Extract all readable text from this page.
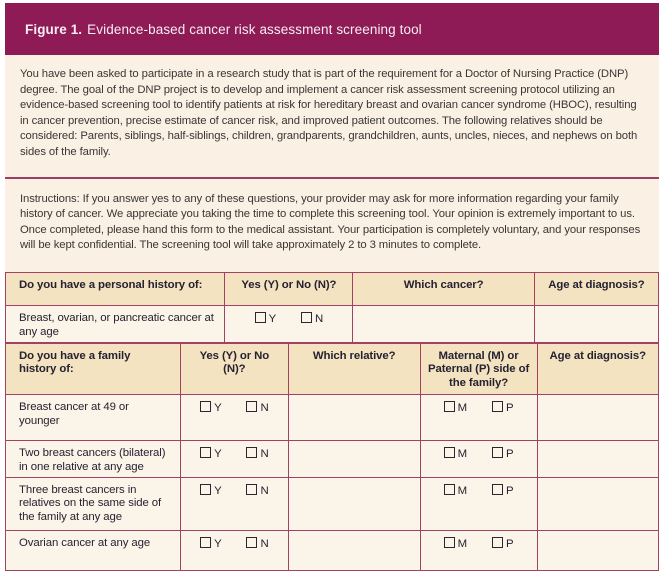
Figure 1. Evidence-based cancer risk assessment screening tool

You have been asked to participate in a research study that is part of the requirement for a Doctor of Nursing Practice (DNP) degree. The goal of the DNP project is to develop and implement a cancer risk assessment screening protocol utilizing an evidence-based screening tool to identify patients at risk for hereditary breast and ovarian cancer syndrome (HBOC), resulting in cancer prevention, precise estimate of cancer risk, and improved patient outcomes. The following relatives should be considered: Parents, siblings, half-siblings, children, grandparents, grandchildren, aunts, uncles, nieces, and nephews on both sides of the family.

Instructions: If you answer yes to any of these questions, your provider may ask for more information regarding your family history of cancer. We appreciate you taking the time to complete this screening tool. Your opinion is extremely important to us. Once completed, please hand this form to the medical assistant. Your participation is completely voluntary, and your responses will be kept confidential. The screening tool will take approximately 2 to 3 minutes to complete.

Do you have a personal history of:	Yes (Y) or No (N)?	Which cancer?	Age at diagnosis?
Breast, ovarian, or pancreatic cancer at any age	Y N		
Do you have a family history of:	Yes (Y) or No (N)?	Which relative?	Maternal (M) or Paternal (P) side of the family?	Age at diagnosis?
Breast cancer at 49 or younger	Y N		M P	
Two breast cancers (bilateral) in one relative at any age	Y N		M P	
Three breast cancers in relatives on the same side of the family at any age	Y N		M P	
Ovarian cancer at any age	Y N		M P	
